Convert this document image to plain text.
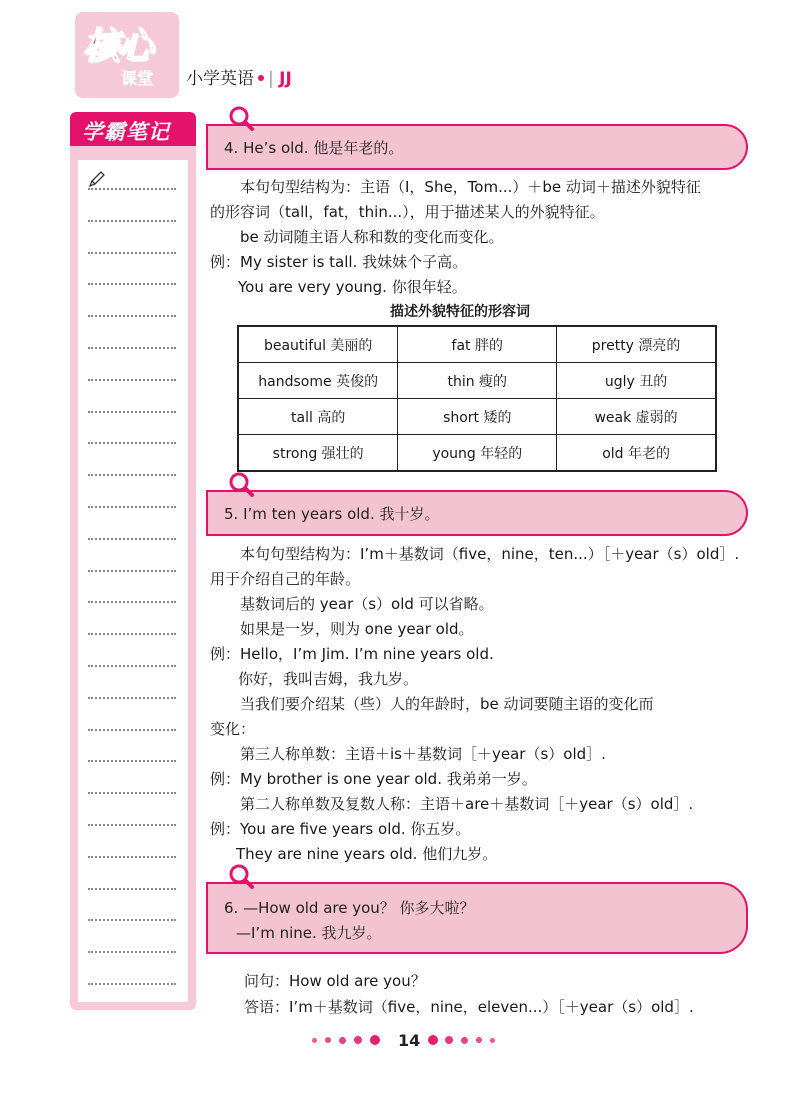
核心
课堂 小学英语 | JJ
学霸笔记
4. He’s old. 他是年老的。
本句句型结构为：主语（I，She，Tom...）＋be 动词＋描述外貌特征
的形容词（tall，fat，thin...），用于描述某人的外貌特征。
be 动词随主语人称和数的变化而变化。
例：My sister is tall. 我妹妹个子高。
You are very young. 你很年轻。
描述外貌特征的形容词
beautiful 美丽的	fat 胖的	pretty 漂亮的
handsome 英俊的	thin 瘦的	ugly 丑的
tall 高的	short 矮的	weak 虚弱的
strong 强壮的	young 年轻的	old 年老的
5. I’m ten years old. 我十岁。
本句句型结构为：I’m＋基数词（five，nine，ten...）［＋year（s）old］.
用于介绍自己的年龄。
基数词后的 year（s）old 可以省略。
如果是一岁，则为 one year old。
例：Hello，I’m Jim. I’m nine years old.
你好，我叫吉姆，我九岁。
当我们要介绍某（些）人的年龄时，be 动词要随主语的变化而
变化：
第三人称单数：主语＋is＋基数词［＋year（s）old］.
例：My brother is one year old. 我弟弟一岁。
第二人称单数及复数人称：主语＋are＋基数词［＋year（s）old］.
例：You are five years old. 你五岁。
They are nine years old. 他们九岁。
6. —How old are you？ 你多大啦？
—I’m nine. 我九岁。
问句：How old are you？
答语：I’m＋基数词（five，nine，eleven...）［＋year（s）old］.
14
